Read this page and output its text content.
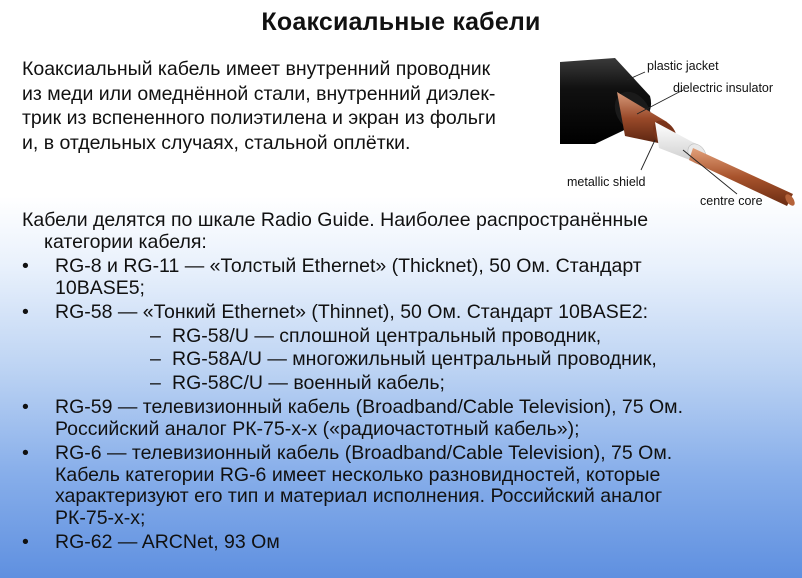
Коаксиальные кабели
Коаксиальный кабель имеет внутренний проводник
из меди или омеднённой стали, внутренний диэлек-
трик из вспененного полиэтилена и экран из фольги
и, в отдельных случаях, стальной оплётки.
plastic jacket
dielectric insulator
metallic shield
centre core
Кабели делятся по шкале Radio Guide. Наиболее распространённые
категории кабеля:
• RG-8 и RG-11 — «Толстый Ethernet» (Thicknet), 50 Ом. Стандарт
10BASE5;
• RG-58 — «Тонкий Ethernet» (Thinnet), 50 Ом. Стандарт 10BASE2:
– RG-58/U — сплошной центральный проводник,
– RG-58A/U — многожильный центральный проводник,
– RG-58C/U — военный кабель;
• RG-59 — телевизионный кабель (Broadband/Cable Television), 75 Ом.
Российский аналог РК-75-х-х («радиочастотный кабель»);
• RG-6 — телевизионный кабель (Broadband/Cable Television), 75 Ом.
Кабель категории RG-6 имеет несколько разновидностей, которые
характеризуют его тип и материал исполнения. Российский аналог
РК-75-х-х;
• RG-62 — ARCNet, 93 Ом
